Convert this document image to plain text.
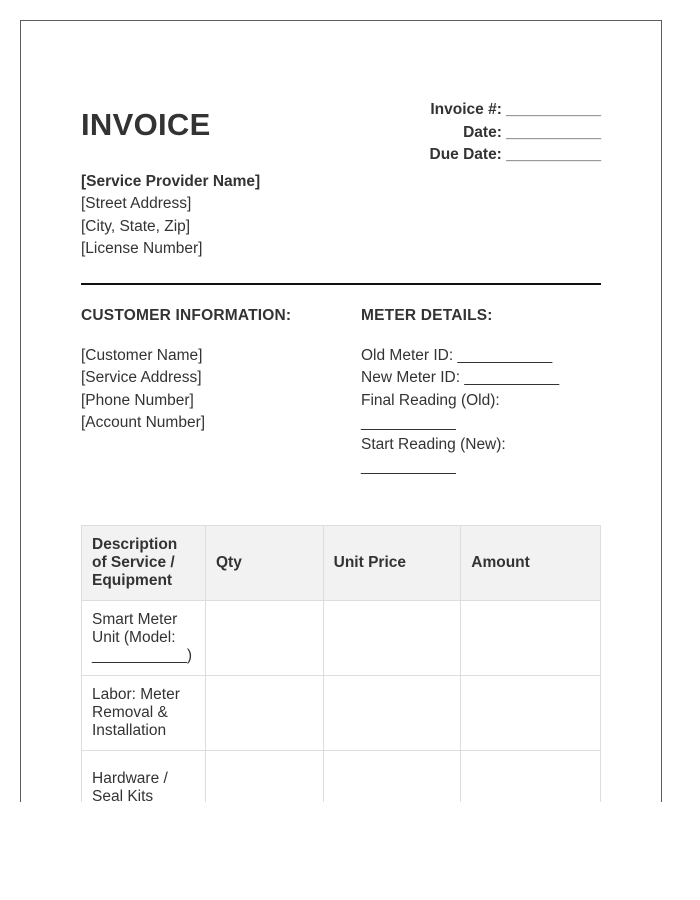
INVOICE	Invoice #: ___________
Date: ___________
Due Date: ___________
[Service Provider Name]
[Street Address]
[City, State, Zip]
[License Number]
CUSTOMER INFORMATION:
[Customer Name]
[Service Address]
[Phone Number]
[Account Number]
METER DETAILS:
Old Meter ID: ___________
New Meter ID: ___________
Final Reading (Old):
___________
Start Reading (New):
___________
Description of Service / Equipment	Qty	Unit Price	Amount
Smart Meter Unit (Model: ___________)			
Labor: Meter Removal & Installation			
Hardware / Seal Kits			
